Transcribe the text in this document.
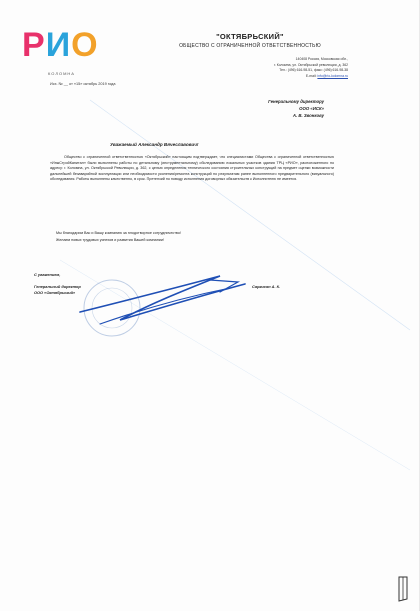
РИО
КОЛОМНА
"ОКТЯБРЬСКИЙ"
ОБЩЕСТВО С ОГРАНИЧЕННОЙ ОТВЕТСТВЕННОСТЬЮ
140408 Россия, Московская обл.,
г. Коломна, ул. Октябрьской революции, д. 362
Тел.: (496) 616-98-51, факс: (496) 616-98-38
E-mail: info@rio-kolomna.ru
Исх. № __ от «15» октябрь 2019 года
Генеральному директору
ООО «ИСК»
А. В. Звонкову
Уважаемый Александр Вячеславович!
Общество с ограниченной ответственностью «Октябрьский» настоящим подтверждает, что специалистами Общества с ограниченной ответственностью «ИнжСтройКапитал» были выполнены работы по детальному (инструментальному) обследованию локальных участков здания ТРЦ «РИО», расположенного по адресу: г. Коломна, ул. Октябрьской Революции, д. 362, с целью определения технического состояния строительных конструкций на предмет оценки возможности дальнейшей безаварийной эксплуатации или необходимости усиления/ремонта конструкций по результатам ранее выполненного предварительного (визуального) обследования. Работы выполнены качественно, в срок. Претензий по поводу исполнения договорных обязательств к Исполнителю не имеется.
Мы благодарим Вас и Вашу компанию за плодотворное сотрудничество!
Желаем новых трудовых успехов и развития Вашей компании!
С уважением,
Генеральный директор
ООО «Октябрьский»
Саркисян А. К.
